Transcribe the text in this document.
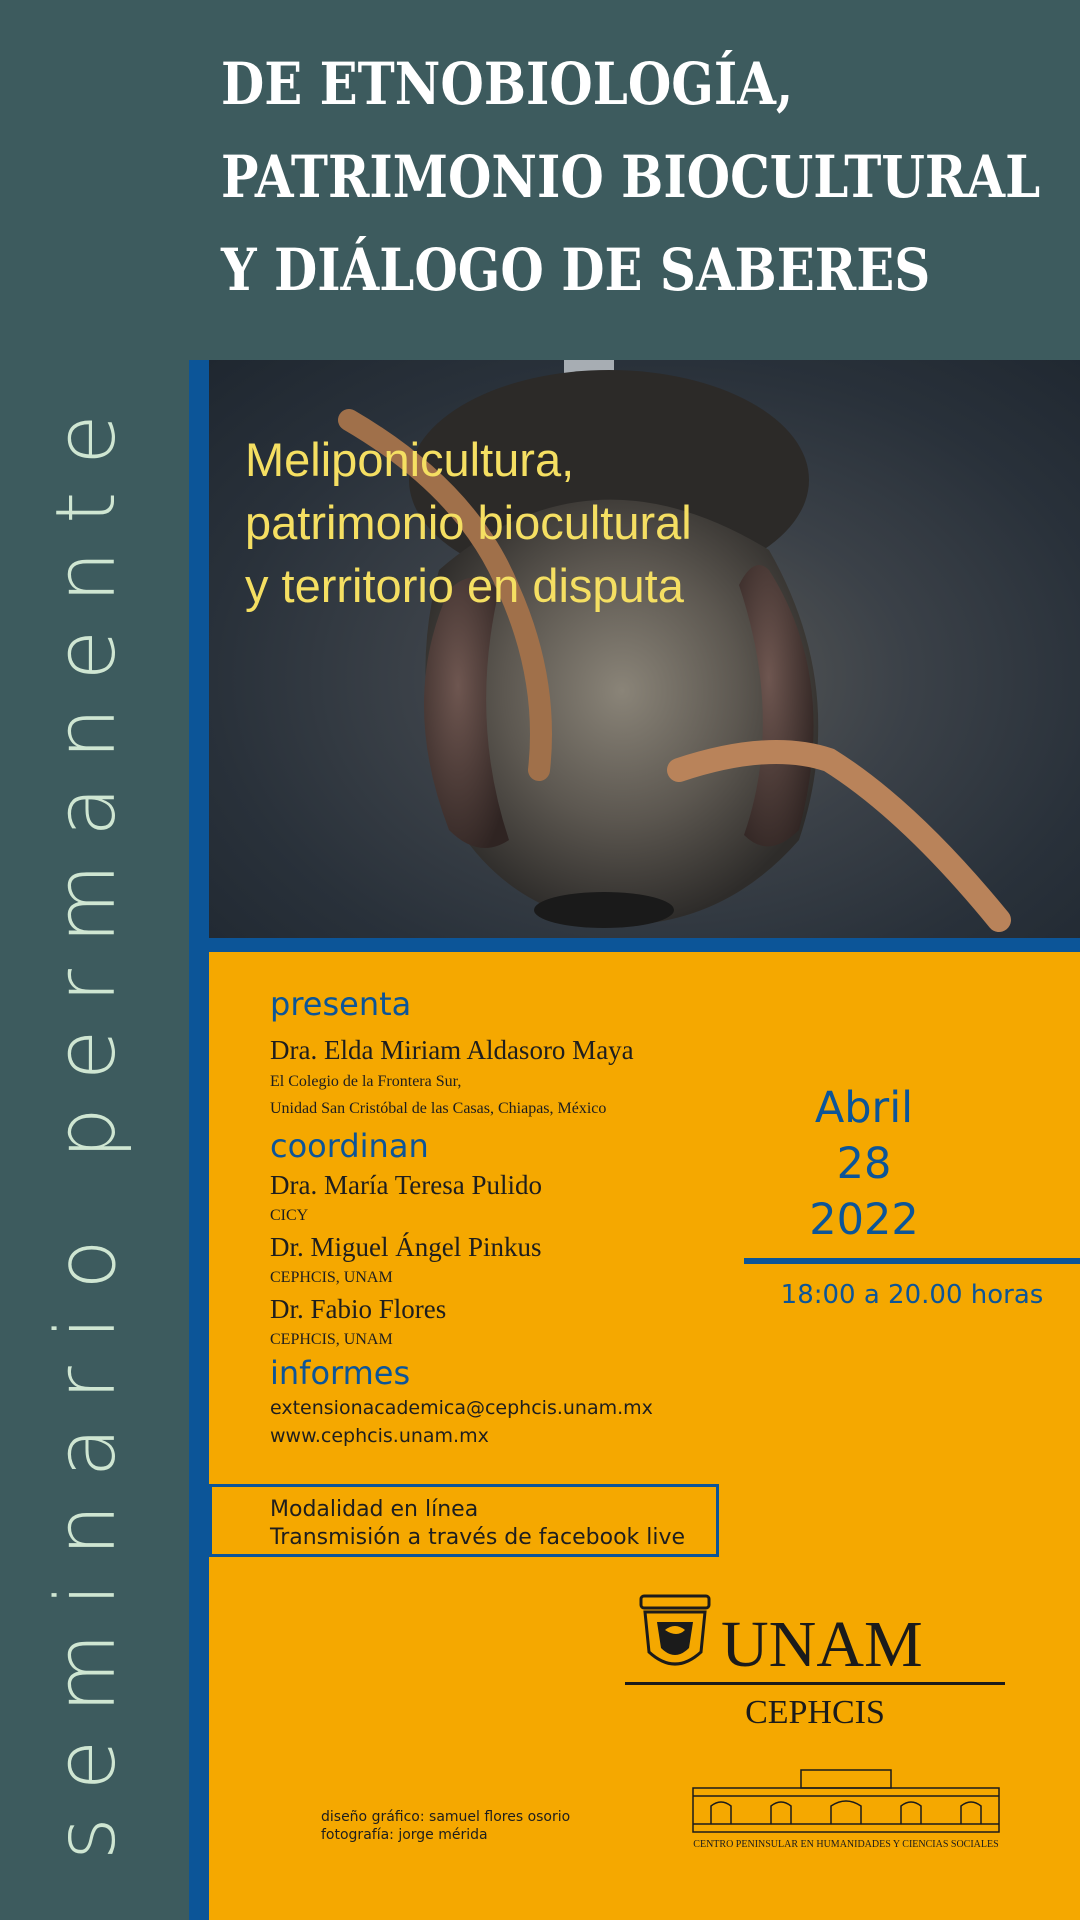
seminario permanente
DE ETNOBIOLOGÍA,
PATRIMONIO BIOCULTURAL
Y DIÁLOGO DE SABERES
Meliponicultura,
patrimonio biocultural
y territorio en disputa
presenta
Dra. Elda Miriam Aldasoro Maya
El Colegio de la Frontera Sur,
Unidad San Cristóbal de las Casas, Chiapas, México
coordinan
Dra. María Teresa Pulido
CICY
Dr. Miguel Ángel Pinkus
CEPHCIS, UNAM
Dr. Fabio Flores
CEPHCIS, UNAM
informes
extensionacademica@cephcis.unam.mx
www.cephcis.unam.mx
Modalidad en línea
Transmisión a través de facebook live
Abril
28
2022
18:00 a 20.00 horas
UNAM
CEPHCIS
CENTRO PENINSULAR EN HUMANIDADES Y CIENCIAS SOCIALES
diseño gráfico: samuel flores osorio
fotografía: jorge mérida
